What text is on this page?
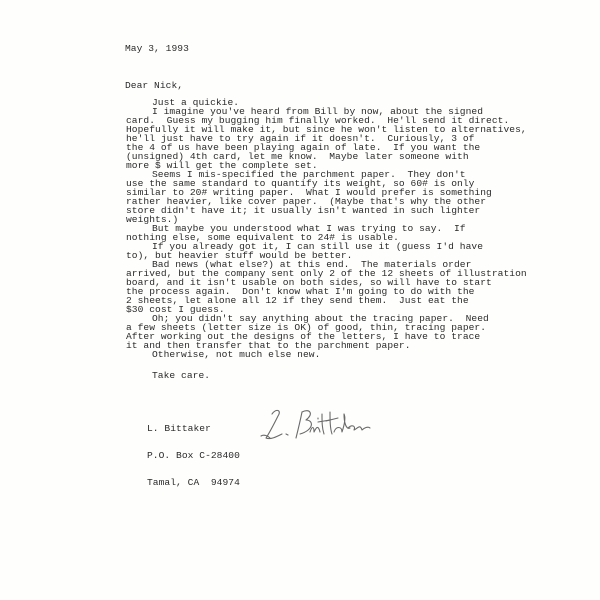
May 3, 1993
Dear Nick,
Just a quickie.
I imagine you've heard from Bill by now, about the signed
card.  Guess my bugging him finally worked.  He'll send it direct.
Hopefully it will make it, but since he won't listen to alternatives,
he'll just have to try again if it doesn't.  Curiously, 3 of
the 4 of us have been playing again of late.  If you want the
(unsigned) 4th card, let me know.  Maybe later someone with
more $ will get the complete set.
Seems I mis-specified the parchment paper.  They don't
use the same standard to quantify its weight, so 60# is only
similar to 20# writing paper.  What I would prefer is something
rather heavier, like cover paper.  (Maybe that's why the other
store didn't have it; it usually isn't wanted in such lighter
weights.)
But maybe you understood what I was trying to say.  If
nothing else, some equivalent to 24# is usable.
If you already got it, I can still use it (guess I'd have
to), but heavier stuff would be better.
Bad news (what else?) at this end.  The materials order
arrived, but the company sent only 2 of the 12 sheets of illustration
board, and it isn't usable on both sides, so will have to start
the process again.  Don't know what I'm going to do with the
2 sheets, let alone all 12 if they send them.  Just eat the
$30 cost I guess.
Oh; you didn't say anything about the tracing paper.  Need
a few sheets (letter size is OK) of good, thin, tracing paper.
After working out the designs of the letters, I have to trace
it and then transfer that to the parchment paper.
Otherwise, not much else new.
Take care.

L. Bittaker

P.O. Box C-28400

Tamal, CA  94974
